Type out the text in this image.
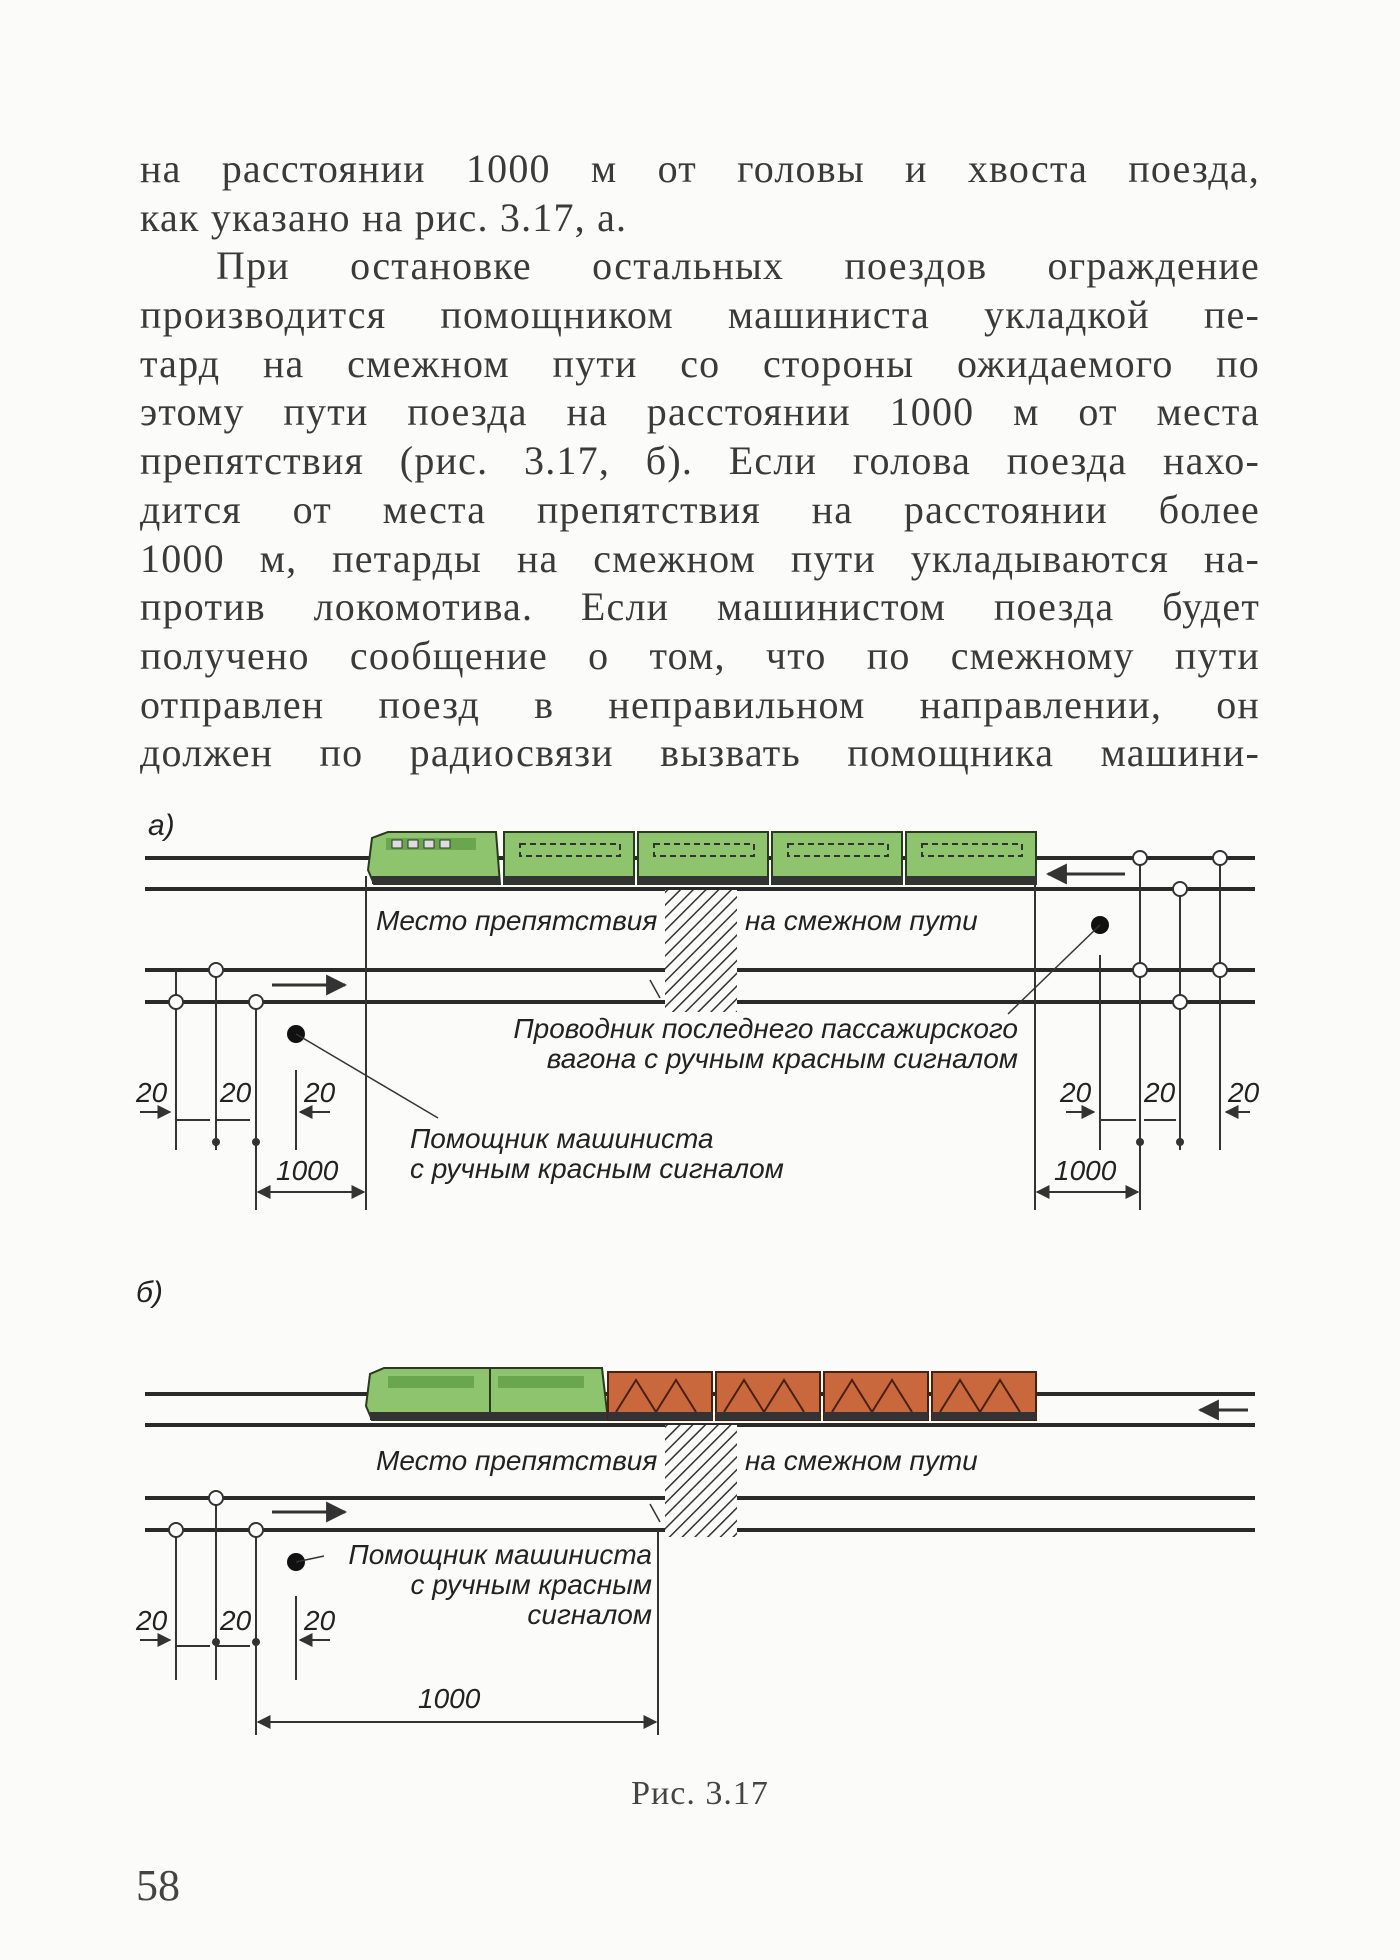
на расстоянии 1000 м от головы и хвоста поезда,
как указано на рис. 3.17, а.
При остановке остальных поездов ограждение
производится помощником машиниста укладкой пе-
тард на смежном пути со стороны ожидаемого по
этому пути поезда на расстоянии 1000 м от места
препятствия (рис. 3.17, б). Если голова поезда нахо-
дится от места препятствия на расстоянии более
1000 м, петарды на смежном пути укладываются на-
против локомотива. Если машинистом поезда будет
получено сообщение о том, что по смежному пути
отправлен поезд в неправильном направлении, он
должен по радиосвязи вызвать помощника машини-
а)
Место препятствия	на смежном пути
20 20 20
1000
Проводник последнего пассажирского
вагона с ручным красным сигналом
Помощник машиниста
с ручным красным сигналом
20 20 20
1000
б)
Место препятствия	на смежном пути
Помощник машиниста
с ручным красным
сигналом
20 20 20
1000

Рис. 3.17

58
